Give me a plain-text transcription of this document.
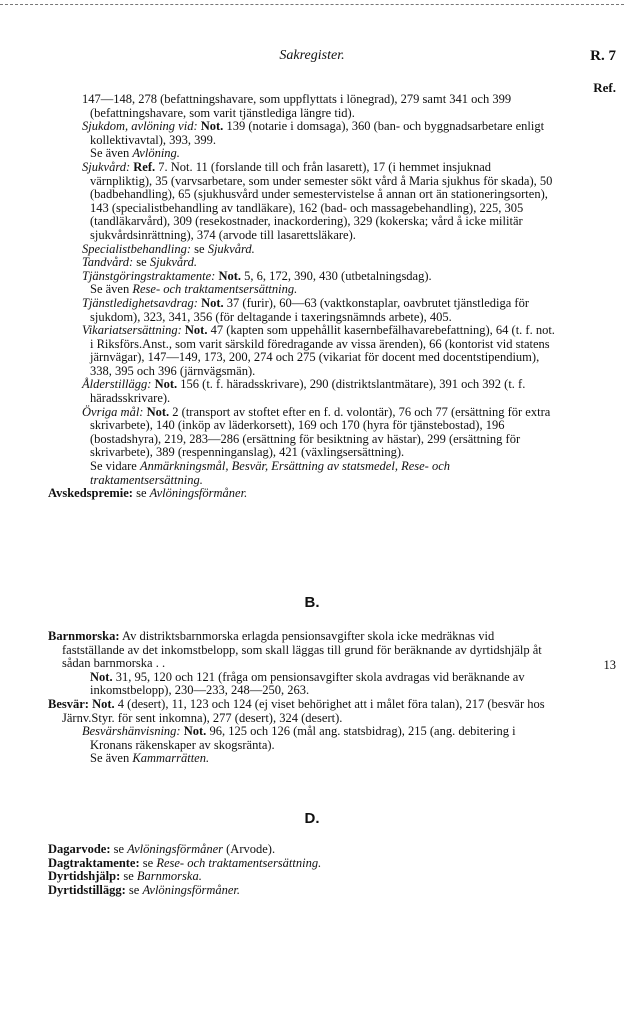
Sakregister.	R. 7
Ref.

147—148, 278 (befattningshavare, som uppflyttats i lönegrad), 279 samt 341 och 399 (befattningshavare, som varit tjänstlediga längre tid).

Sjukdom, avlöning vid: Not. 139 (notarie i domsaga), 360 (ban- och byggnadsarbetare enligt kollektivavtal), 393, 399.

Se även Avlöning.

Sjukvård: Ref. 7. Not. 11 (forslande till och från lasarett), 17 (i hemmet insjuknad värnpliktig), 35 (varvsarbetare, som under semester sökt vård å Maria sjukhus för skada), 50 (badbehandling), 65 (sjukhusvård under semestervistelse å annan ort än stationeringsorten), 143 (specialistbehandling av tandläkare), 162 (bad- och massagebehandling), 225, 305 (tandläkarvård), 309 (resekostnader, inackordering), 329 (kokerska; vård å icke militär sjukvårdsinrättning), 374 (arvode till lasarettsläkare).

Specialistbehandling: se Sjukvård.

Tandvård: se Sjukvård.

Tjänstgöringstraktamente: Not. 5, 6, 172, 390, 430 (utbetalningsdag).

Se även Rese- och traktamentsersättning.

Tjänstledighetsavdrag: Not. 37 (furir), 60—63 (vaktkonstaplar, oavbrutet tjänstlediga för sjukdom), 323, 341, 356 (för deltagande i taxeringsnämnds arbete), 405.

Vikariatsersättning: Not. 47 (kapten som uppehållit kasernbefälhavarebefattning), 64 (t. f. not. i Riksförs.Anst., som varit särskild föredragande av vissa ärenden), 66 (kontorist vid statens järnvägar), 147—149, 173, 200, 274 och 275 (vikariat för docent med docentstipendium), 338, 395 och 396 (järnvägsmän).

Ålderstillägg: Not. 156 (t. f. häradsskrivare), 290 (distriktslantmätare), 391 och 392 (t. f. häradsskrivare).

Övriga mål: Not. 2 (transport av stoftet efter en f. d. volontär), 76 och 77 (ersättning för extra skrivarbete), 140 (inköp av läderkorsett), 169 och 170 (hyra för tjänstebostad), 196 (bostadshyra), 219, 283—286 (ersättning för besiktning av hästar), 299 (ersättning för skrivarbete), 389 (respenninganslag), 421 (växlingsersättning).

Se vidare Anmärkningsmål, Besvär, Ersättning av statsmedel, Rese- och traktamentsersättning.

Avskedspremie: se Avlöningsförmåner.

B.

Barnmorska: Av distriktsbarnmorska erlagda pensionsavgifter skola icke medräknas vid fastställande av det inkomstbelopp, som skall läggas till grund för beräknande av dyrtidshjälp åt sådan barnmorska . .

Not. 31, 95, 120 och 121 (fråga om pensionsavgifter skola avdragas vid beräknande av inkomstbelopp), 230—233, 248—250, 263.

Besvär: Not. 4 (desert), 11, 123 och 124 (ej viset behörighet att i målet föra talan), 217 (besvär hos Järnv.Styr. för sent inkomna), 277 (desert), 324 (desert).

Besvärshänvisning: Not. 96, 125 och 126 (mål ang. statsbidrag), 215 (ang. debitering i Kronans räkenskaper av skogsränta).

Se även Kammarrätten.

13
D.

Dagarvode: se Avlöningsförmåner (Arvode).

Dagtraktamente: se Rese- och traktamentsersättning.

Dyrtidshjälp: se Barnmorska.

Dyrtidstillägg: se Avlöningsförmåner.
